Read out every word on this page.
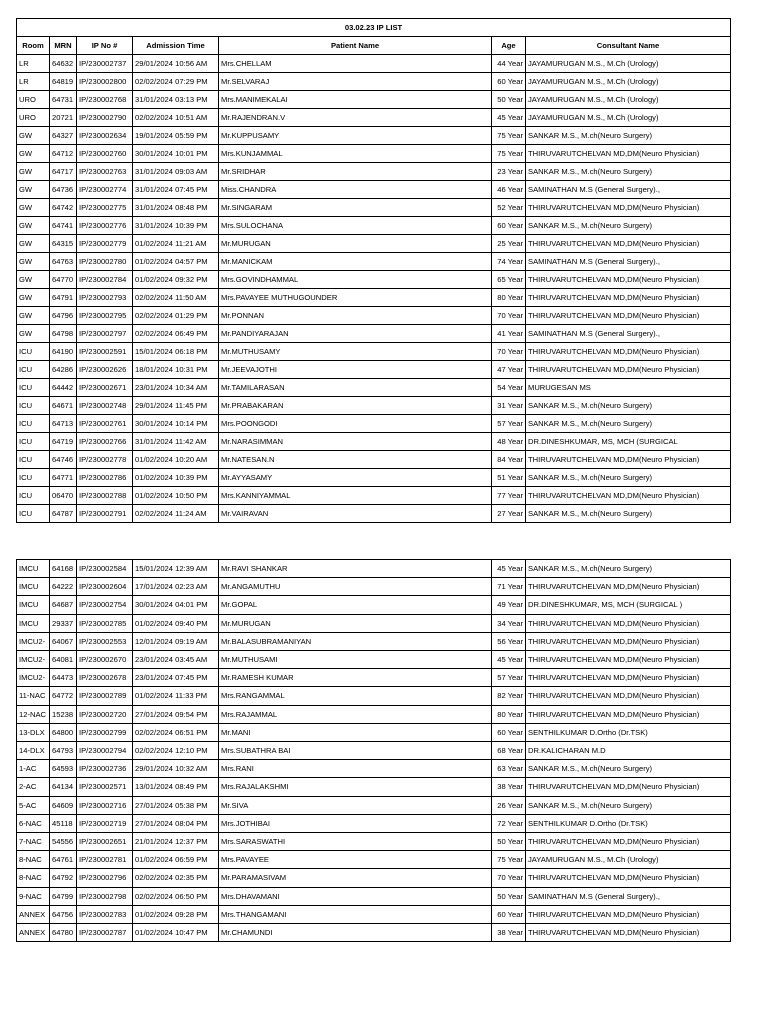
03.02.23 IP LIST						
Room	MRN	IP No #	Admission Time	Patient Name	Age	Consultant Name
LR	64632	IP/230002737	29/01/2024 10:56 AM	Mrs.CHELLAM	44 Year	JAYAMURUGAN M.S., M.Ch (Urology)
LR	64819	IP/230002800	02/02/2024 07:29 PM	Mr.SELVARAJ	60 Year	JAYAMURUGAN M.S., M.Ch (Urology)
URO	64731	IP/230002768	31/01/2024 03:13 PM	Mrs.MANIMEKALAI	50 Year	JAYAMURUGAN M.S., M.Ch (Urology)
URO	20721	IP/230002790	02/02/2024 10:51 AM	Mr.RAJENDRAN.V	45 Year	JAYAMURUGAN M.S., M.Ch (Urology)
GW	64327	IP/230002634	19/01/2024 05:59 PM	Mr.KUPPUSAMY	75 Year	SANKAR M.S., M.ch(Neuro Surgery)
GW	64712	IP/230002760	30/01/2024 10:01 PM	Mrs.KUNJAMMAL	75 Year	THIRUVARUTCHELVAN MD,DM(Neuro Physician)
GW	64717	IP/230002763	31/01/2024 09:03 AM	Mr.SRIDHAR	23 Year	SANKAR M.S., M.ch(Neuro Surgery)
GW	64736	IP/230002774	31/01/2024 07:45 PM	Miss.CHANDRA	46 Year	SAMINATHAN M.S (General Surgery).,
GW	64742	IP/230002775	31/01/2024 08:48 PM	Mr.SINGARAM	52 Year	THIRUVARUTCHELVAN MD,DM(Neuro Physician)
GW	64741	IP/230002776	31/01/2024 10:39 PM	Mrs.SULOCHANA	60 Year	SANKAR M.S., M.ch(Neuro Surgery)
GW	64315	IP/230002779	01/02/2024 11:21 AM	Mr.MURUGAN	25 Year	THIRUVARUTCHELVAN MD,DM(Neuro Physician)
GW	64763	IP/230002780	01/02/2024 04:57 PM	Mr.MANICKAM	74 Year	SAMINATHAN M.S (General Surgery).,
GW	64770	IP/230002784	01/02/2024 09:32 PM	Mrs.GOVINDHAMMAL	65 Year	THIRUVARUTCHELVAN MD,DM(Neuro Physician)
GW	64791	IP/230002793	02/02/2024 11:50 AM	Mrs.PAVAYEE MUTHUGOUNDER	80 Year	THIRUVARUTCHELVAN MD,DM(Neuro Physician)
GW	64796	IP/230002795	02/02/2024 01:29 PM	Mr.PONNAN	70 Year	THIRUVARUTCHELVAN MD,DM(Neuro Physician)
GW	64798	IP/230002797	02/02/2024 06:49 PM	Mr.PANDIYARAJAN	41 Year	SAMINATHAN M.S (General Surgery).,
ICU	64190	IP/230002591	15/01/2024 06:18 PM	Mr.MUTHUSAMY	70 Year	THIRUVARUTCHELVAN MD,DM(Neuro Physician)
ICU	64286	IP/230002626	18/01/2024 10:31 PM	Mr.JEEVAJOTHI	47 Year	THIRUVARUTCHELVAN MD,DM(Neuro Physician)
ICU	64442	IP/230002671	23/01/2024 10:34 AM	Mr.TAMILARASAN	54 Year	MURUGESAN MS
ICU	64671	IP/230002748	29/01/2024 11:45 PM	Mr.PRABAKARAN	31 Year	SANKAR M.S., M.ch(Neuro Surgery)
ICU	64713	IP/230002761	30/01/2024 10:14 PM	Mrs.POONGODI	57 Year	SANKAR M.S., M.ch(Neuro Surgery)
ICU	64719	IP/230002766	31/01/2024 11:42 AM	Mr.NARASIMMAN	48 Year	DR.DINESHKUMAR, MS, MCH (SURGICAL
ICU	64746	IP/230002778	01/02/2024 10:20 AM	Mr.NATESAN.N	84 Year	THIRUVARUTCHELVAN MD,DM(Neuro Physician)
ICU	64771	IP/230002786	01/02/2024 10:39 PM	Mr.AYYASAMY	51 Year	SANKAR M.S., M.ch(Neuro Surgery)
ICU	06470	IP/230002788	01/02/2024 10:50 PM	Mrs.KANNIYAMMAL	77 Year	THIRUVARUTCHELVAN MD,DM(Neuro Physician)
ICU	64787	IP/230002791	02/02/2024 11:24 AM	Mr.VAIRAVAN	27 Year	SANKAR M.S., M.ch(Neuro Surgery)
IMCU	64168	IP/230002584	15/01/2024 12:39 AM	Mr.RAVI SHANKAR	45 Year	SANKAR M.S., M.ch(Neuro Surgery)
IMCU	64222	IP/230002604	17/01/2024 02:23 AM	Mr.ANGAMUTHU	71 Year	THIRUVARUTCHELVAN MD,DM(Neuro Physician)
IMCU	64687	IP/230002754	30/01/2024 04:01 PM	Mr.GOPAL	49 Year	DR.DINESHKUMAR, MS, MCH (SURGICAL )
IMCU	29337	IP/230002785	01/02/2024 09:40 PM	Mr.MURUGAN	34 Year	THIRUVARUTCHELVAN MD,DM(Neuro Physician)
IMCU2-	64067	IP/230002553	12/01/2024 09:19 AM	Mr.BALASUBRAMANIYAN	56 Year	THIRUVARUTCHELVAN MD,DM(Neuro Physician)
IMCU2-	64081	IP/230002670	23/01/2024 03:45 AM	Mr.MUTHUSAMI	45 Year	THIRUVARUTCHELVAN MD,DM(Neuro Physician)
IMCU2-	64473	IP/230002678	23/01/2024 07:45 PM	Mr.RAMESH KUMAR	57 Year	THIRUVARUTCHELVAN MD,DM(Neuro Physician)
11-NAC	64772	IP/230002789	01/02/2024 11:33 PM	Mrs.RANGAMMAL	82 Year	THIRUVARUTCHELVAN MD,DM(Neuro Physician)
12-NAC	15238	IP/230002720	27/01/2024 09:54 PM	Mrs.RAJAMMAL	80 Year	THIRUVARUTCHELVAN MD,DM(Neuro Physician)
13-DLX	64800	IP/230002799	02/02/2024 06:51 PM	Mr.MANI	60 Year	SENTHILKUMAR D.Ortho (Dr.TSK)
14-DLX	64793	IP/230002794	02/02/2024 12:10 PM	Mrs.SUBATHRA BAI	68 Year	DR.KALICHARAN M.D
1-AC	64593	IP/230002736	29/01/2024 10:32 AM	Mrs.RANI	63 Year	SANKAR M.S., M.ch(Neuro Surgery)
2-AC	64134	IP/230002571	13/01/2024 08:49 PM	Mrs.RAJALAKSHMI	38 Year	THIRUVARUTCHELVAN MD,DM(Neuro Physician)
5-AC	64609	IP/230002716	27/01/2024 05:38 PM	Mr.SIVA	26 Year	SANKAR M.S., M.ch(Neuro Surgery)
6-NAC	45118	IP/230002719	27/01/2024 08:04 PM	Mrs.JOTHIBAI	72 Year	SENTHILKUMAR D.Ortho (Dr.TSK)
7-NAC	54556	IP/230002651	21/01/2024 12:37 PM	Mrs.SARASWATHI	50 Year	THIRUVARUTCHELVAN MD,DM(Neuro Physician)
8-NAC	64761	IP/230002781	01/02/2024 06:59 PM	Mrs.PAVAYEE	75 Year	JAYAMURUGAN M.S., M.Ch (Urology)
8-NAC	64792	IP/230002796	02/02/2024 02:35 PM	Mr.PARAMASIVAM	70 Year	THIRUVARUTCHELVAN MD,DM(Neuro Physician)
9-NAC	64799	IP/230002798	02/02/2024 06:50 PM	Mrs.DHAVAMANI	50 Year	SAMINATHAN M.S (General Surgery).,
ANNEX	64756	IP/230002783	01/02/2024 09:28 PM	Mrs.THANGAMANI	60 Year	THIRUVARUTCHELVAN MD,DM(Neuro Physician)
ANNEX	64780	IP/230002787	01/02/2024 10:47 PM	Mr.CHAMUNDI	38 Year	THIRUVARUTCHELVAN MD,DM(Neuro Physician)
